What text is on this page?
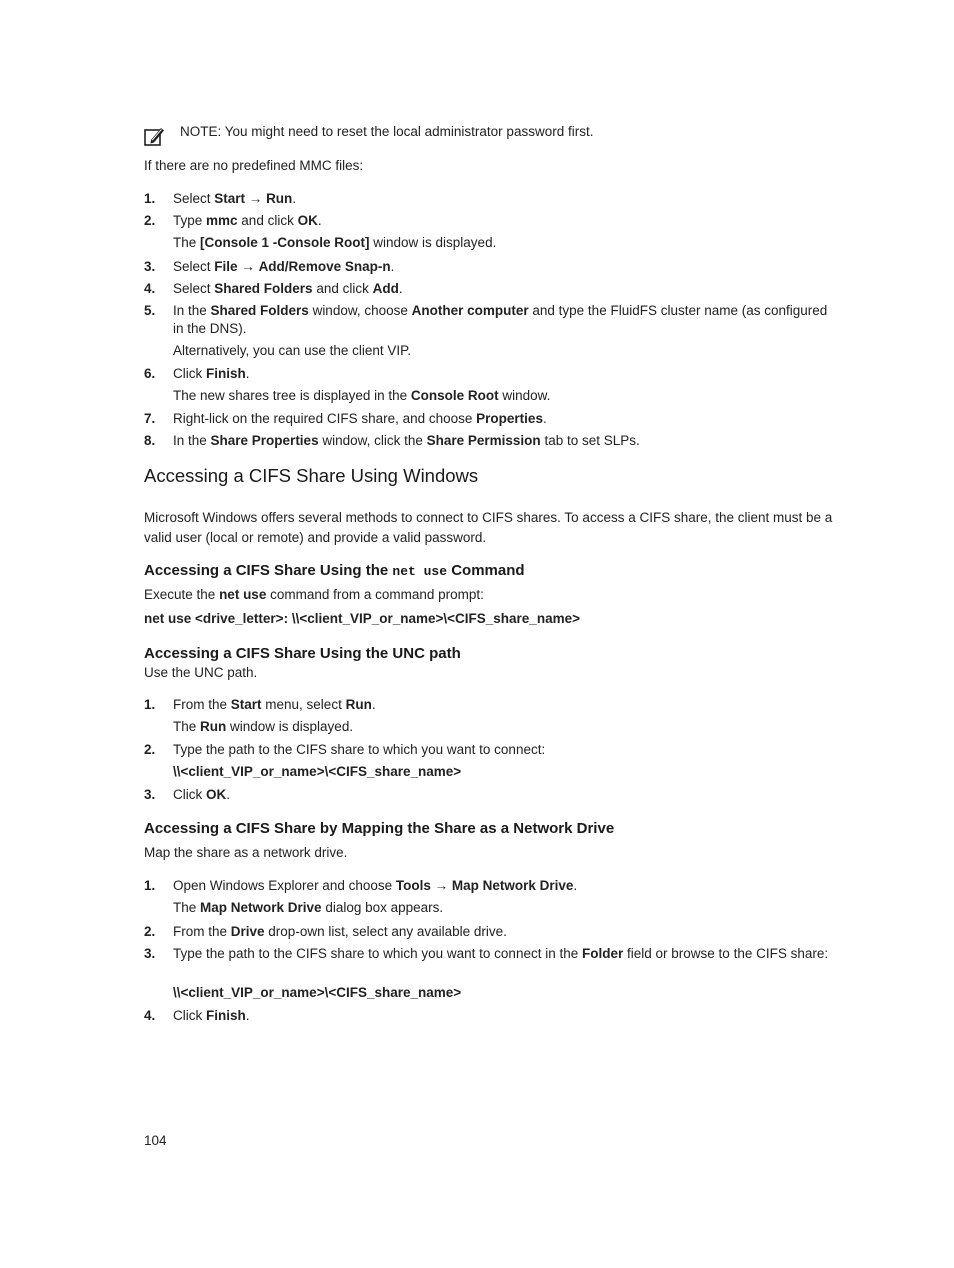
NOTE: You might need to reset the local administrator password first.
If there are no predefined MMC files:
1.	Select Start → Run.
2.	Type mmc and click OK.
The [Console 1 -Console Root] window is displayed.
3.	Select File → Add/Remove Snap-n.
4.	Select Shared Folders and click Add.
5.	In the Shared Folders window, choose Another computer and type the FluidFS cluster name (as configured in the DNS).
Alternatively, you can use the client VIP.
6.	Click Finish.
The new shares tree is displayed in the Console Root window.
7.	Right-lick on the required CIFS share, and choose Properties.
8.	In the Share Properties window, click the Share Permission tab to set SLPs.
Accessing a CIFS Share Using Windows
Microsoft Windows offers several methods to connect to CIFS shares. To access a CIFS share, the client must be a valid user (local or remote) and provide a valid password.
Accessing a CIFS Share Using the net use Command
Execute the net use command from a command prompt:
net use <drive_letter>: \\<client_VIP_or_name>\<CIFS_share_name>
Accessing a CIFS Share Using the UNC path
Use the UNC path.
1.	From the Start menu, select Run.
The Run window is displayed.
2.	Type the path to the CIFS share to which you want to connect:
\\<client_VIP_or_name>\<CIFS_share_name>
3.	Click OK.
Accessing a CIFS Share by Mapping the Share as a Network Drive
Map the share as a network drive.
1.	Open Windows Explorer and choose Tools → Map Network Drive.
The Map Network Drive dialog box appears.
2.	From the Drive drop-own list, select any available drive.
3.	Type the path to the CIFS share to which you want to connect in the Folder field or browse to the CIFS share:
\\<client_VIP_or_name>\<CIFS_share_name>
4.	Click Finish.
104
